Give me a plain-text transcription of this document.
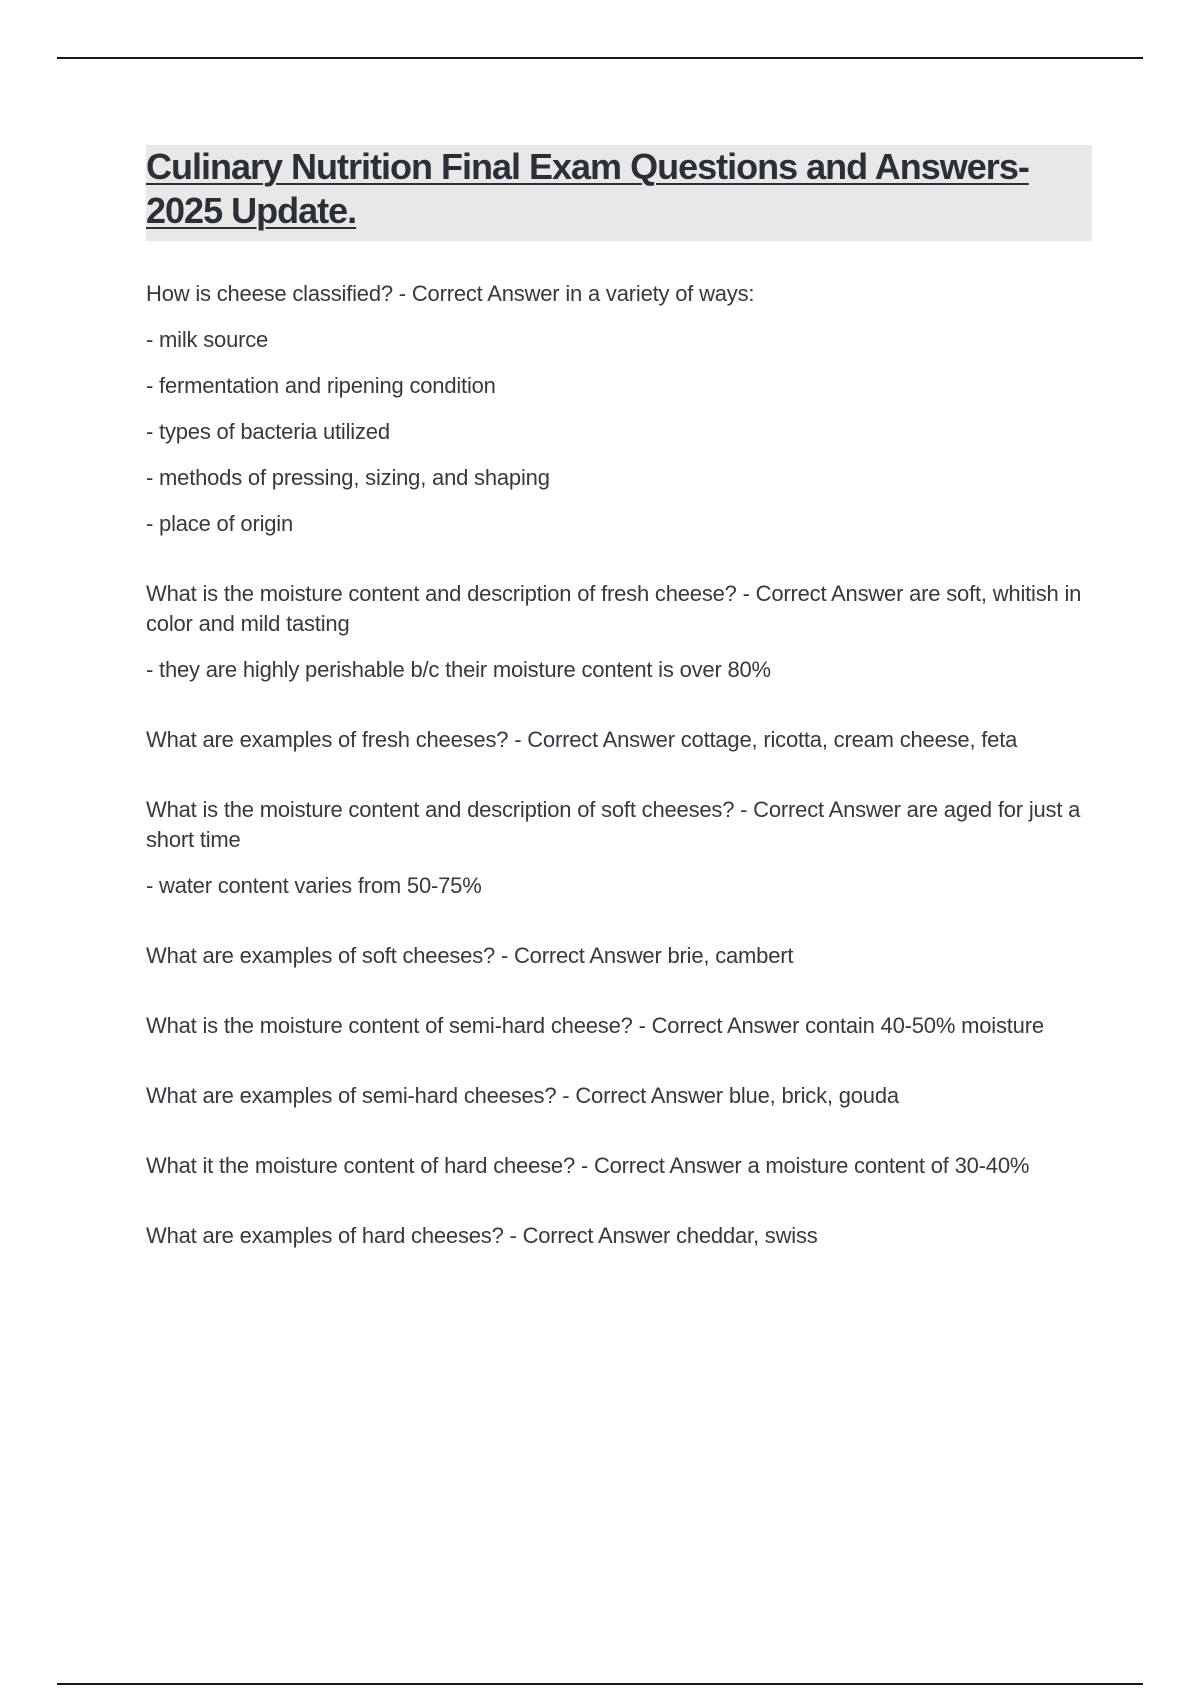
Culinary Nutrition Final Exam Questions and Answers- 2025 Update.

How is cheese classified? - Correct Answer in a variety of ways:

- milk source

- fermentation and ripening condition

- types of bacteria utilized

- methods of pressing, sizing, and shaping

- place of origin

What is the moisture content and description of fresh cheese? - Correct Answer are soft, whitish in color and mild tasting

- they are highly perishable b/c their moisture content is over 80%

What are examples of fresh cheeses? - Correct Answer cottage, ricotta, cream cheese, feta

What is the moisture content and description of soft cheeses? - Correct Answer are aged for just a short time

- water content varies from 50-75%

What are examples of soft cheeses? - Correct Answer brie, cambert

What is the moisture content of semi-hard cheese? - Correct Answer contain 40-50% moisture

What are examples of semi-hard cheeses? - Correct Answer blue, brick, gouda

What it the moisture content of hard cheese? - Correct Answer a moisture content of 30-40%

What are examples of hard cheeses? - Correct Answer cheddar, swiss
